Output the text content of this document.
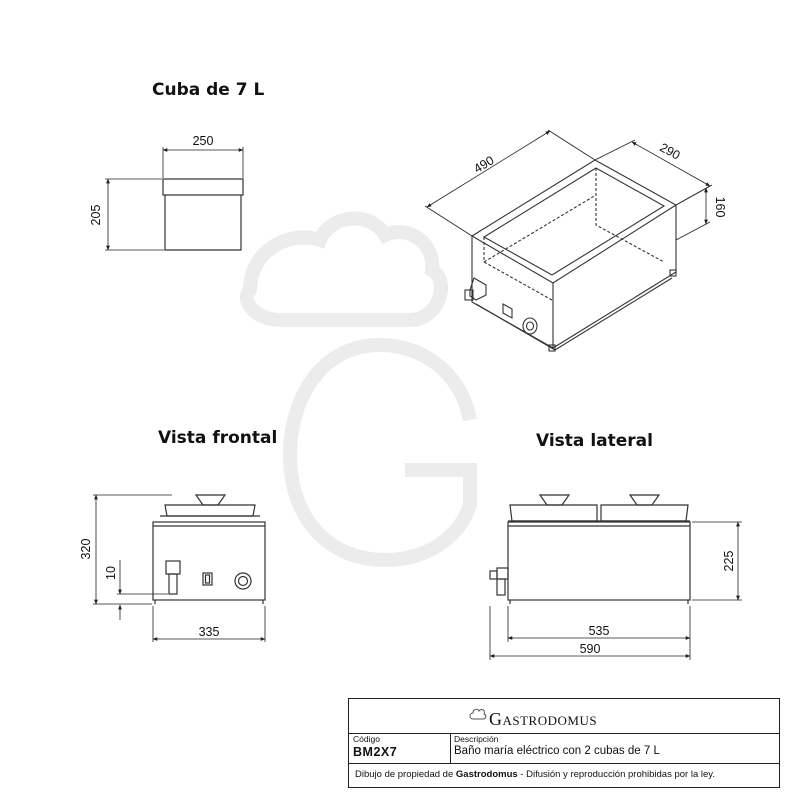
Cuba de 7 L
Vista frontal	Vista lateral
250
205
490
290
160
320
10
335
225
535
590
Gastrodomus
Código
BM2X7
Descripción
Baño maría eléctrico con 2 cubas de 7 L
Dibujo de propiedad de Gastrodomus - Difusión y reproducción prohibidas por la ley.
